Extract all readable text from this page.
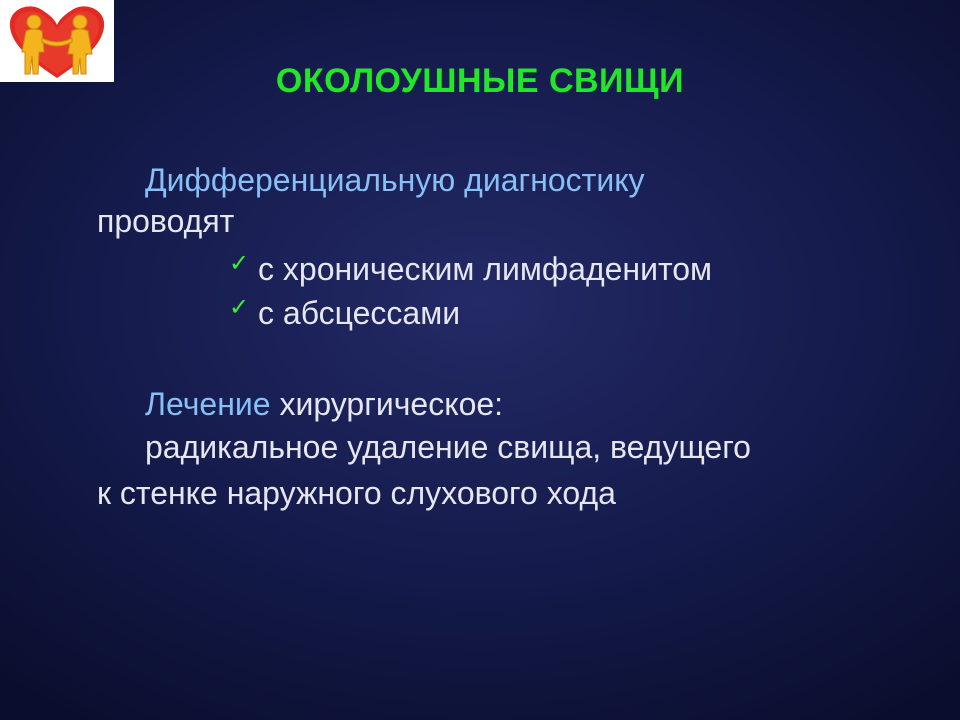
ОКОЛОУШНЫЕ СВИЩИ
Дифференциальную диагностику
проводят
✓ с хроническим лимфаденитом
✓ с абсцессами
Лечение хирургическое:
радикальное удаление свища, ведущего
к стенке наружного слухового хода
